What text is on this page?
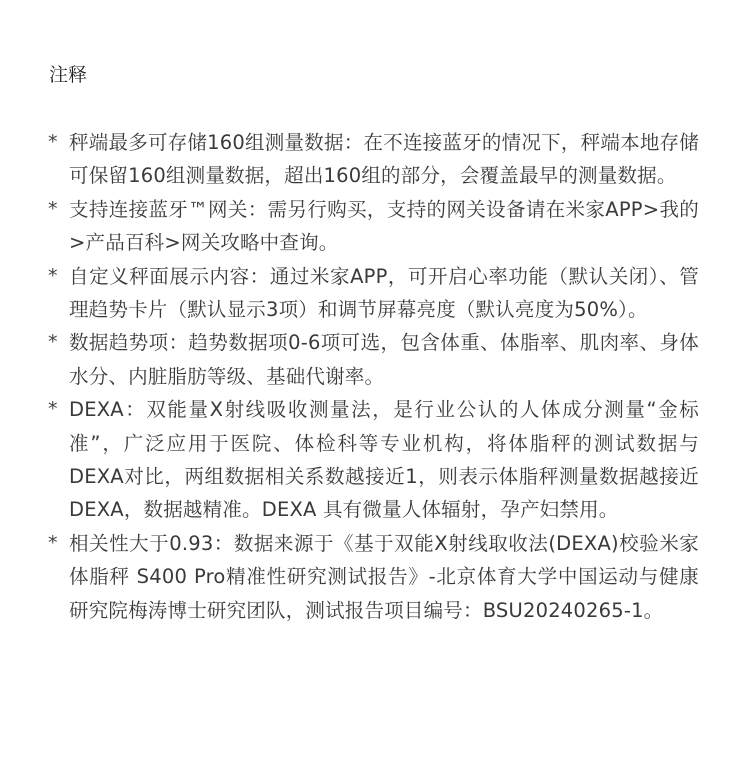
注释
* 秤端最多可存储160组测量数据：在不连接蓝牙的情况下，秤端本地存储可保留160组测量数据，超出160组的部分，会覆盖最早的测量数据。
* 支持连接蓝牙™网关：需另行购买，支持的网关设备请在米家APP>我的>产品百科>网关攻略中查询。
* 自定义秤面展示内容：通过米家APP，可开启心率功能（默认关闭）、管理趋势卡片（默认显示3项）和调节屏幕亮度（默认亮度为50%）。
* 数据趋势项：趋势数据项0-6项可选，包含体重、体脂率、肌肉率、身体水分、内脏脂肪等级、基础代谢率。
* DEXA：双能量X射线吸收测量法，是行业公认的人体成分测量“金标准”，广泛应用于医院、体检科等专业机构，将体脂秤的测试数据与 DEXA对比，两组数据相关系数越接近1，则表示体脂秤测量数据越接近 DEXA，数据越精准。DEXA 具有微量人体辐射，孕产妇禁用。
* 相关性大于0.93：数据来源于《基于双能X射线取收法(DEXA)校验米家体脂秤 S400 Pro精准性研究测试报告》-北京体育大学中国运动与健康研究院梅涛博士研究团队，测试报告项目编号：BSU20240265-1。
